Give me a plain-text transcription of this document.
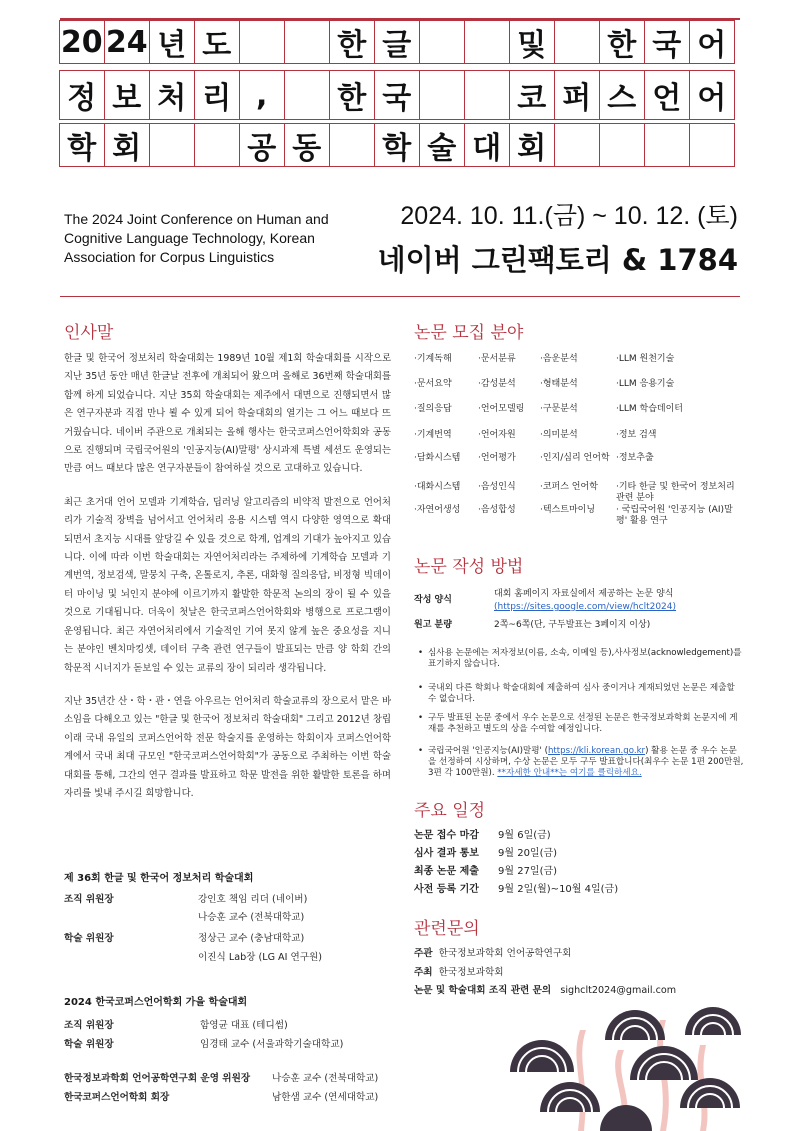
20 24 년 도	한 글	및 한 국 어
정 보 처 리 ,	한 국	코 퍼 스 언 어
학 회	공 동 학 술 대 회
The 2024 Joint Conference on Human and
Cognitive Language Technology, Korean
Association for Corpus Linguistics
2024. 10. 11.(금) ~ 10. 12. (토)
네이버 그린팩토리 & 1784
인사말

한글 및 한국어 정보처리 학술대회는 1989년 10월 제1회 학술대회를 시작으로 지난 35년 동안 매년 한글날 전후에 개최되어 왔으며 올해로 36번째 학술대회를 함께 하게 되었습니다. 지난 35회 학술대회는 제주에서 대면으로 진행되면서 많은 연구자분과 직접 만나 뵐 수 있게 되어 학술대회의 열기는 그 어느 때보다 뜨거웠습니다. 네이버 주관으로 개최되는 올해 행사는 한국코퍼스언어학회와 공동으로 진행되며 국립국어원의 '인공지능(AI)말평' 상시과제 특별 세션도 운영되는 만큼 여느 때보다 많은 연구자분들이 참여하실 것으로 고대하고 있습니다.

최근 초거대 언어 모델과 기계학습, 딥러닝 알고리즘의 비약적 발전으로 언어처리가 기술적 장벽을 넘어서고 언어처리 응용 시스템 역시 다양한 영역으로 확대되면서 초지능 시대를 앞당길 수 있을 것으로 학계, 업계의 기대가 높아지고 있습니다. 이에 따라 이번 학술대회는 자연어처리라는 주제하에 기계학습 모델과 기계번역, 정보검색, 말뭉치 구축, 온톨로지, 추론, 대화형 질의응답, 비정형 빅데이터 마이닝 및 뇌인지 분야에 이르기까지 활발한 학문적 논의의 장이 될 수 있을 것으로 기대됩니다. 더욱이 첫날은 한국코퍼스언어학회와 병행으로 프로그램이 운영됩니다. 최근 자연어처리에서 기술적인 기여 못지 않게 높은 중요성을 지니는 분야인 벤치마킹셋, 데이터 구축 관련 연구들이 발표되는 만큼 양 학회 간의 학문적 시너지가 돋보일 수 있는 교류의 장이 되리라 생각됩니다.

지난 35년간 산・학・관・연을 아우르는 언어처리 학술교류의 장으로서 맡은 바 소임을 다해오고 있는 "한글 및 한국어 정보처리 학술대회" 그리고 2012년 창립 이래 국내 유일의 코퍼스언어학 전문 학술지를 운영하는 학회이자 코퍼스언어학계에서 국내 최대 규모인 "한국코퍼스언어학회"가 공동으로 주최하는 이번 학술대회를 통해, 그간의 연구 결과를 발표하고 학문 발전을 위한 활발한 토론을 하며 자리를 빛내 주시길 희망합니다.

제 36회 한글 및 한국어 정보처리 학술대회
조직 위원장	강인호 책임 리더 (네이버)
나승훈 교수 (전북대학교)
학술 위원장	정상근 교수 (충남대학교)
이진식 Lab장 (LG AI 연구원)
2024 한국코퍼스언어학회 가을 학술대회
조직 위원장	함영균 대표 (테디썸)
학술 위원장	임경태 교수 (서울과학기술대학교)
한국정보과학회 언어공학연구회 운영 위원장 나승훈 교수 (전북대학교)
한국코퍼스언어학회 회장	남한샘 교수 (연세대학교)
논문 모집 분야
·기계독해	·문서분류	·음운분석	·LLM 원천기술
·문서요약	·감성분석	·형태분석	·LLM 응용기술
·질의응답	·언어모델링	·구문분석	·LLM 학습데이터
·기계번역	·언어자원	·의미분석	·정보 검색
·담화시스템	·언어평가	·인지/심리 언어학 ·정보추출
·대화시스템	·음성인식	·코퍼스 언어학	·기타 한글 및 한국어 정보처리 관련 분야
·자연어생성	·음성합성	·텍스트마이닝	· 국립국어원 '인공지능 (AI)말평' 활용 연구
논문 작성 방법
작성 양식
대회 홈페이지 자료실에서 제공하는 논문 양식
(https://sites.google.com/view/hclt2024)
원고 분량	2쪽~6쪽(단, 구두발표는 3페이지 이상)
• 심사용 논문에는 저자정보(이름, 소속, 이메일 등),사사정보(acknowledgement)를 표기하지 않습니다.
• 국내외 다른 학회나 학술대회에 제출하여 심사 중이거나 게재되었던 논문은 제출할 수 없습니다.
• 구두 발표된 논문 중에서 우수 논문으로 선정된 논문은 한국정보과학회 논문지에 게재를 추천하고 별도의 상을 수여할 예정입니다.
• 국립국어원 '인공지능(AI)말평' (https://kli.korean.go.kr) 활용 논문 중 우수 논문을 선정하여 시상하며, 수상 논문은 모두 구두 발표합니다(최우수 논문 1편 200만원, 3편 각 100만원). **자세한 안내**는 여기를 클릭하세요.
주요 일정
논문 접수 마감 9월 6일(금)
심사 결과 통보 9월 20일(금)
최종 논문 제출 9월 27일(금)
사전 등록 기간 9월 2일(월)~10월 4일(금)
관련문의
주관 한국정보과학회 언어공학연구회
주최 한국정보과학회
논문 및 학술대회 조직 관련 문의 sighclt2024@gmail.com
